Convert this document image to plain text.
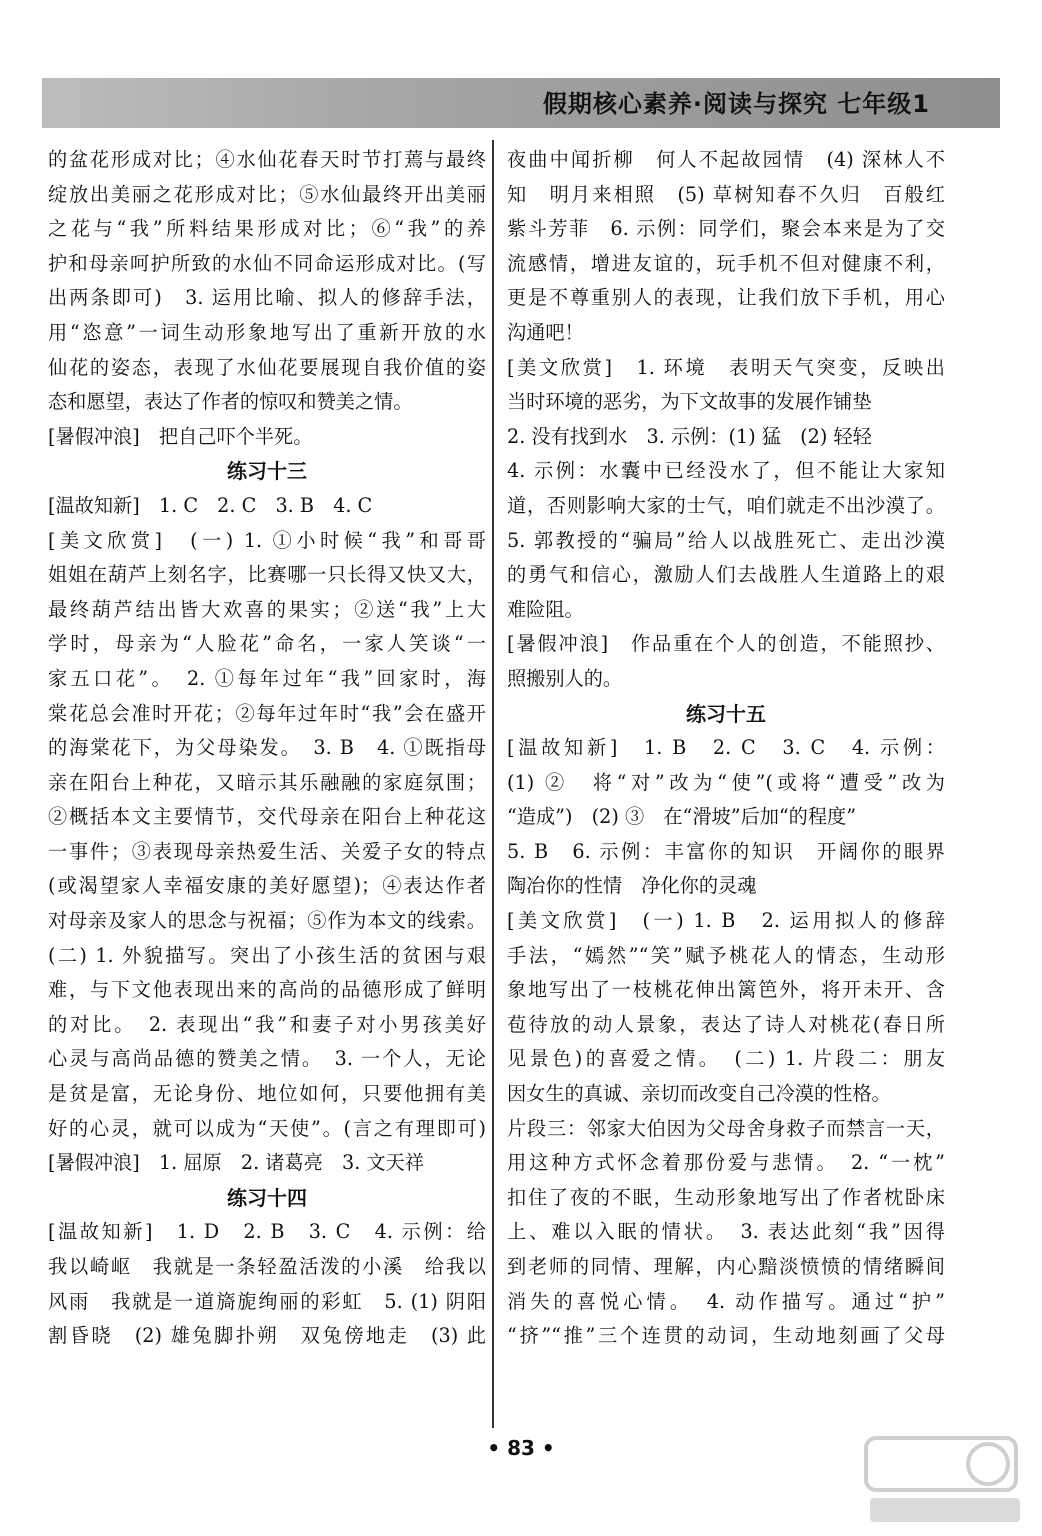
假期核心素养·阅读与探究 七年级1
的盆花形成对比；④水仙花春天时节打蔫与最终
绽放出美丽之花形成对比；⑤水仙最终开出美丽
之花与“我”所料结果形成对比；⑥“我”的养
护和母亲呵护所致的水仙不同命运形成对比。(写
出两条即可)　3. 运用比喻、拟人的修辞手法，
用“恣意”一词生动形象地写出了重新开放的水
仙花的姿态，表现了水仙花要展现自我价值的姿
态和愿望，表达了作者的惊叹和赞美之情。
[暑假冲浪]　把自己吓个半死。
练习十三
[温故知新]　1. C　2. C　3. B　4. C
[美文欣赏]　(一) 1. ①小时候“我”和哥哥
姐姐在葫芦上刻名字，比赛哪一只长得又快又大，
最终葫芦结出皆大欢喜的果实；②送“我”上大
学时，母亲为“人脸花”命名，一家人笑谈“一
家五口花”。　2. ①每年过年“我”回家时，海
棠花总会准时开花；②每年过年时“我”会在盛开
的海棠花下，为父母染发。　3. B　4. ①既指母
亲在阳台上种花，又暗示其乐融融的家庭氛围；
②概括本文主要情节，交代母亲在阳台上种花这
一事件；③表现母亲热爱生活、关爱子女的特点
(或渴望家人幸福安康的美好愿望)；④表达作者
对母亲及家人的思念与祝福；⑤作为本文的线索。
(二) 1. 外貌描写。突出了小孩生活的贫困与艰
难，与下文他表现出来的高尚的品德形成了鲜明
的对比。　2. 表现出“我”和妻子对小男孩美好
心灵与高尚品德的赞美之情。　3. 一个人，无论
是贫是富，无论身份、地位如何，只要他拥有美
好的心灵，就可以成为“天使”。(言之有理即可)
[暑假冲浪]　1. 屈原　2. 诸葛亮　3. 文天祥
练习十四
[温故知新]　1. D　2. B　3. C　4. 示例：给
我以崎岖　我就是一条轻盈活泼的小溪　给我以
风雨　我就是一道旖旎绚丽的彩虹　5. (1) 阴阳
割昏晓　(2) 雄兔脚扑朔　双兔傍地走　(3) 此
夜曲中闻折柳　何人不起故园情　(4) 深林人不
知　明月来相照　(5) 草树知春不久归　百般红
紫斗芳菲　6. 示例：同学们，聚会本来是为了交
流感情，增进友谊的，玩手机不但对健康不利，
更是不尊重别人的表现，让我们放下手机，用心
沟通吧！
[美文欣赏]　1. 环境　表明天气突变，反映出
当时环境的恶劣，为下文故事的发展作铺垫
2. 没有找到水　3. 示例：(1) 猛　(2) 轻轻
4. 示例：水囊中已经没水了，但不能让大家知
道，否则影响大家的士气，咱们就走不出沙漠了。
5. 郭教授的“骗局”给人以战胜死亡、走出沙漠
的勇气和信心，激励人们去战胜人生道路上的艰
难险阻。
[暑假冲浪]　作品重在个人的创造，不能照抄、
照搬别人的。
练习十五
[温故知新]　1. B　2. C　3. C　4. 示例：
(1) ②　将“对”改为“使”(或将“遭受”改为
“造成”)　(2) ③　在“滑坡”后加“的程度”
5. B　6. 示例：丰富你的知识　开阔你的眼界
陶冶你的性情　净化你的灵魂
[美文欣赏]　(一) 1. B　2. 运用拟人的修辞
手法，“嫣然”“笑”赋予桃花人的情态，生动形
象地写出了一枝桃花伸出篱笆外，将开未开、含
苞待放的动人景象，表达了诗人对桃花(春日所
见景色)的喜爱之情。　(二) 1. 片段二：朋友
因女生的真诚、亲切而改变自己冷漠的性格。
片段三：邻家大伯因为父母舍身救子而禁言一天，
用这种方式怀念着那份爱与悲情。　2. “一枕”
扣住了夜的不眠，生动形象地写出了作者枕卧床
上、难以入眠的情状。　3. 表达此刻“我”因得
到老师的同情、理解，内心黯淡愤愤的情绪瞬间
消失的喜悦心情。　4. 动作描写。通过“护”
“挤”“推”三个连贯的动词，生动地刻画了父母
• 83 •
